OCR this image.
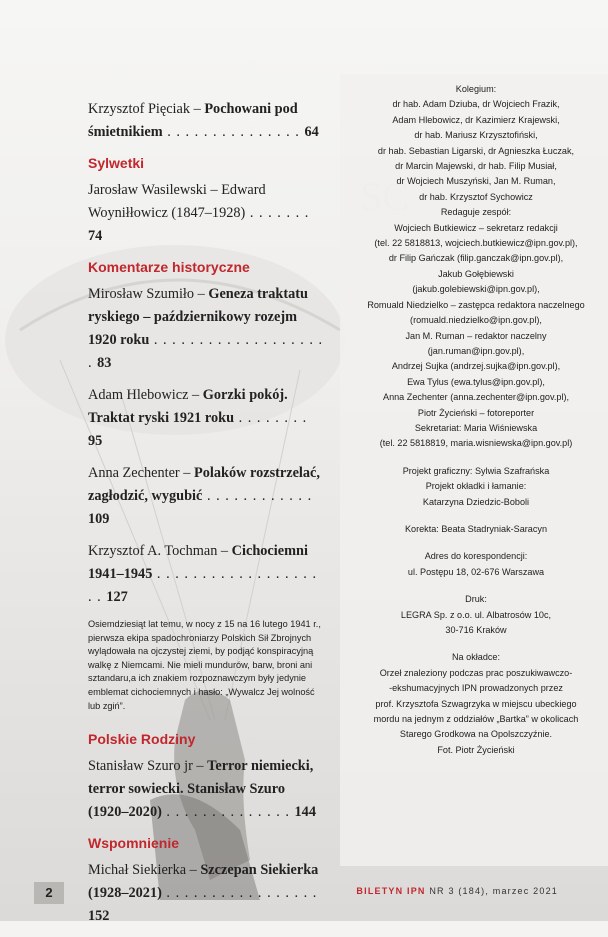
Krzysztof Pięciak – Pochowani pod śmietnikiem . . . . . . . . . . . . . . . 64
Sylwetki
Jarosław Wasilewski – Edward Woyniłłowicz (1847–1928) . . . . . . . 74
Komentarze historyczne
Mirosław Szumiło – Geneza traktatu ryskiego – październikowy rozejm 1920 roku . . . . . . . . . . . . . . . . . . . . 83
Adam Hlebowicz – Gorzki pokój. Traktat ryski 1921 roku . . . . . . . . 95
Anna Zechenter – Polaków rozstrzelać, zagłodzić, wygubić . . . . . . . . . . . . 109
Krzysztof A. Tochman – Cichociemni 1941–1945 . . . . . . . . . . . . . . . . . . . . 127
Osiemdziesiąt lat temu, w nocy z 15 na 16 lutego 1941 r., pierwsza ekipa spadochroniarzy Polskich Sił Zbrojnych wylądowała na ojczystej ziemi, by podjąć konspiracyjną walkę z Niemcami. Nie mieli mundurów, barw, broni ani sztandaru,a ich znakiem rozpoznawczym były jedynie emblemat cichociemnych i hasło: „Wywalcz Jej wolność lub zgiń”.
Polskie Rodziny
Stanisław Szuro jr – Terror niemiecki, terror sowiecki. Stanisław Szuro (1920–2020) . . . . . . . . . . . . . . 144
Wspomnienie
Michał Siekierka – Szczepan Siekierka (1928–2021) . . . . . . . . . . . . . . . . . 152
Kolegium:
dr hab. Adam Dziuba, dr Wojciech Frazik,
Adam Hlebowicz, dr Kazimierz Krajewski,
dr hab. Mariusz Krzysztofiński,
dr hab. Sebastian Ligarski, dr Agnieszka Łuczak,
dr Marcin Majewski, dr hab. Filip Musiał,
dr Wojciech Muszyński, Jan M. Ruman,
dr hab. Krzysztof Sychowicz
Redaguje zespół:
Wojciech Butkiewicz – sekretarz redakcji
(tel. 22 5818813, wojciech.butkiewicz@ipn.gov.pl),
dr Filip Gańczak (filip.ganczak@ipn.gov.pl),
Jakub Gołębiewski
(jakub.golebiewski@ipn.gov.pl),
Romuald Niedzielko – zastępca redaktora naczelnego
(romuald.niedzielko@ipn.gov.pl),
Jan M. Ruman – redaktor naczelny
(jan.ruman@ipn.gov.pl),
Andrzej Sujka (andrzej.sujka@ipn.gov.pl),
Ewa Tylus (ewa.tylus@ipn.gov.pl),
Anna Zechenter (anna.zechenter@ipn.gov.pl),
Piotr Życieński – fotoreporter
Sekretariat: Maria Wiśniewska
(tel. 22 5818819, maria.wisniewska@ipn.gov.pl)
Projekt graficzny: Sylwia Szafrańska
Projekt okładki i łamanie:
Katarzyna Dziedzic-Boboli
Korekta: Beata Stadryniak-Saracyn
Adres do korespondencji:
ul. Postępu 18, 02-676 Warszawa
Druk:
LEGRA Sp. z o.o. ul. Albatrosów 10c,
30-716 Kraków
Na okładce:
Orzeł znaleziony podczas prac poszukiwawczo-
-ekshumacyjnych IPN prowadzonych przez
prof. Krzysztofa Szwagrzyka w miejscu ubeckiego
mordu na jednym z oddziałów „Bartka” w okolicach
Starego Grodkowa na Opolszczyźnie.
Fot. Piotr Życieński
2	BILETYN IPN NR 3 (184), marzec 2021
